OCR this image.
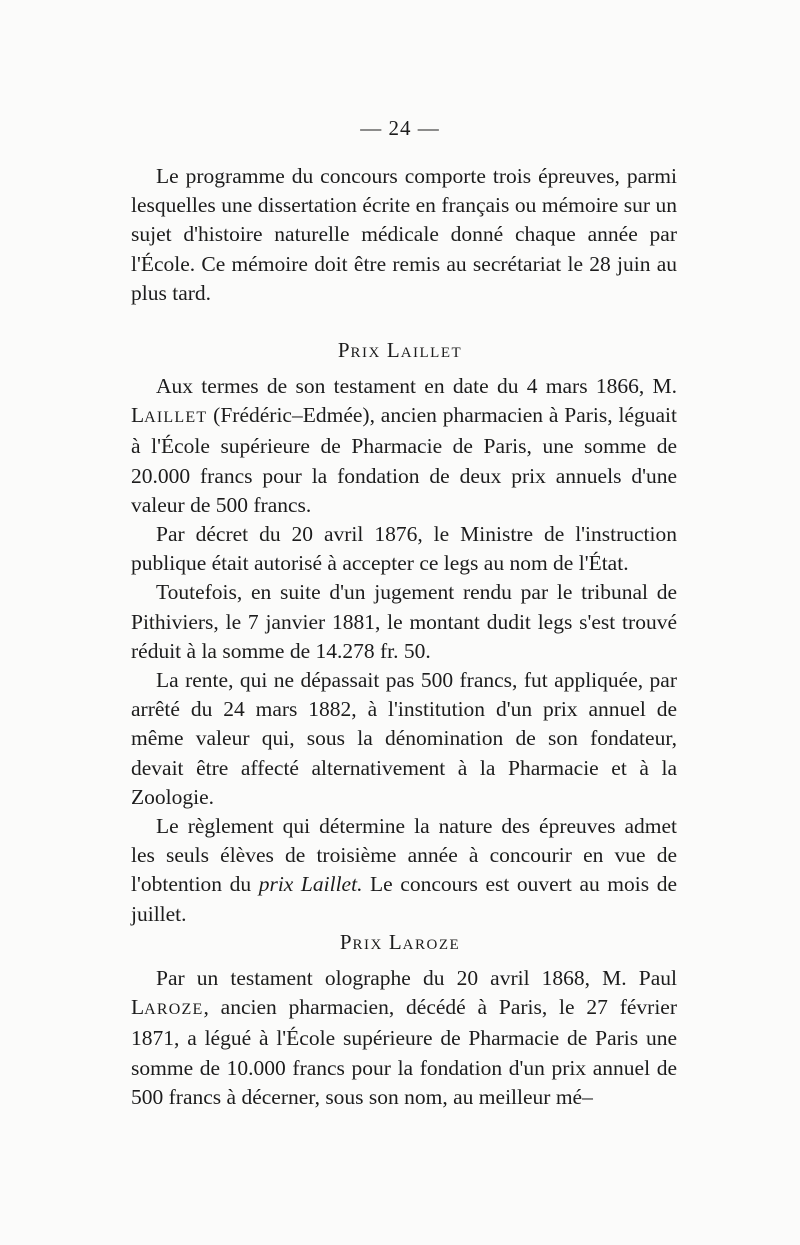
— 24 —

Le programme du concours comporte trois épreuves, parmi lesquelles une dissertation écrite en français ou mémoire sur un sujet d'histoire naturelle médicale donné chaque année par l'École. Ce mémoire doit être remis au secrétariat le 28 juin au plus tard.

PRIX LAILLET

Aux termes de son testament en date du 4 mars 1866, M. LAILLET (Frédéric–Edmée), ancien pharmacien à Paris, léguait à l'École supérieure de Pharmacie de Paris, une somme de 20.000 francs pour la fondation de deux prix annuels d'une valeur de 500 francs.

Par décret du 20 avril 1876, le Ministre de l'instruction publique était autorisé à accepter ce legs au nom de l'État.

Toutefois, en suite d'un jugement rendu par le tribunal de Pithiviers, le 7 janvier 1881, le montant dudit legs s'est trouvé réduit à la somme de 14.278 fr. 50.

La rente, qui ne dépassait pas 500 francs, fut appliquée, par arrêté du 24 mars 1882, à l'institution d'un prix annuel de même valeur qui, sous la dénomination de son fondateur, devait être affecté alternativement à la Pharmacie et à la Zoologie.

Le règlement qui détermine la nature des épreuves admet les seuls élèves de troisième année à concourir en vue de l'obtention du prix Laillet. Le concours est ouvert au mois de juillet.

PRIX LAROZE

Par un testament olographe du 20 avril 1868, M. Paul LAROZE, ancien pharmacien, décédé à Paris, le 27 février 1871, a légué à l'École supérieure de Pharmacie de Paris une somme de 10.000 francs pour la fondation d'un prix annuel de 500 francs à décerner, sous son nom, au meilleur mé–
